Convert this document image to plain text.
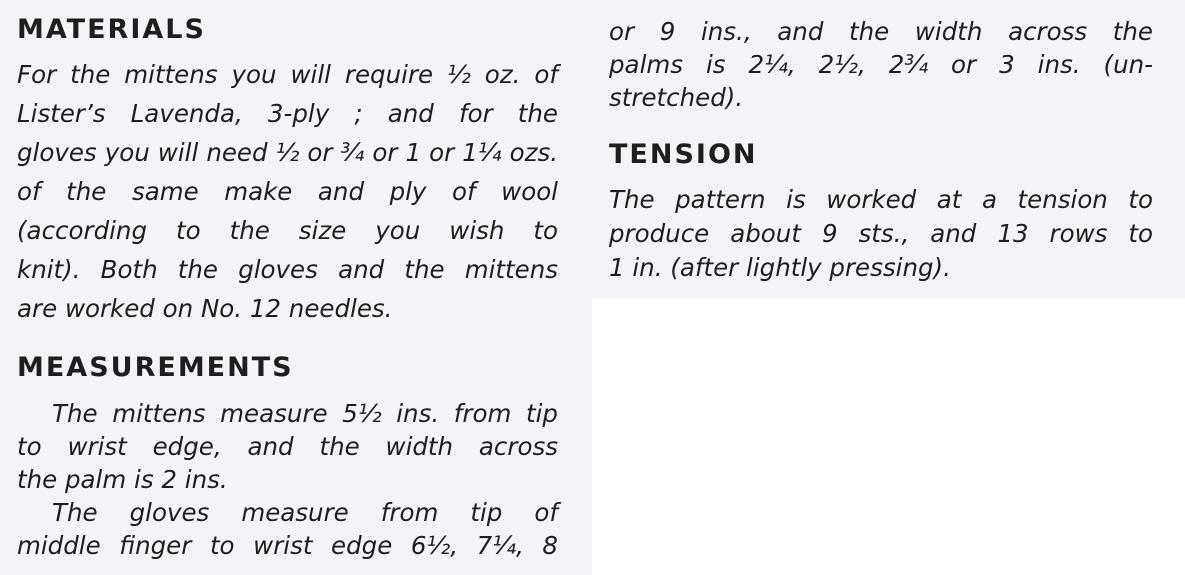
MATERIALS
For the mittens you will require ½ oz. of
Lister’s Lavenda, 3-ply ; and for the
gloves you will need ½ or ¾ or 1 or 1¼ ozs.
of the same make and ply of wool
(according to the size you wish to
knit). Both the gloves and the mittens
are worked on No. 12 needles.
MEASUREMENTS
The mittens measure 5½ ins. from tip
to wrist edge, and the width across
the palm is 2 ins.
The gloves measure from tip of
middle finger to wrist edge 6½, 7¼, 8
or 9 ins., and the width across the
palms is 2¼, 2½, 2¾ or 3 ins. (un-
stretched).
TENSION
The pattern is worked at a tension to
produce about 9 sts., and 13 rows to
1 in. (after lightly pressing).
